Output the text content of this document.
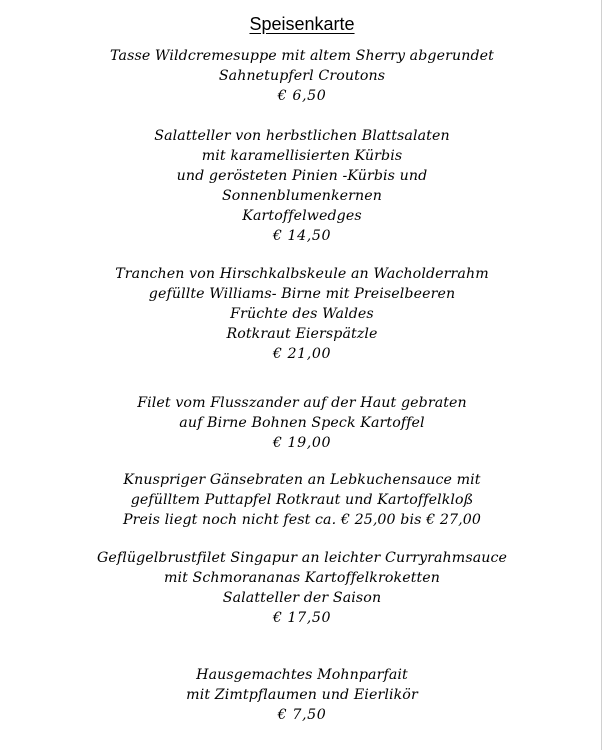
Speisenkarte
Tasse Wildcremesuppe mit altem Sherry abgerundet
Sahnetupferl Croutons
€ 6,50
Salatteller von herbstlichen Blattsalaten
mit karamellisierten Kürbis
und gerösteten Pinien -Kürbis und
Sonnenblumenkernen
Kartoffelwedges
€ 14,50
Tranchen von Hirschkalbskeule an Wacholderrahm
gefüllte Williams- Birne mit Preiselbeeren
Früchte des Waldes
Rotkraut Eierspätzle
€ 21,00
Filet vom Flusszander auf der Haut gebraten
auf Birne Bohnen Speck Kartoffel
€ 19,00
Knuspriger Gänsebraten an Lebkuchensauce mit
gefülltem Puttapfel Rotkraut und Kartoffelkloß
Preis liegt noch nicht fest ca. € 25,00 bis € 27,00
Geflügelbrustfilet Singapur an leichter Curryrahmsauce
mit Schmorananas Kartoffelkroketten
Salatteller der Saison
€ 17,50
Hausgemachtes Mohnparfait
mit Zimtpflaumen und Eierlikör
€ 7,50
